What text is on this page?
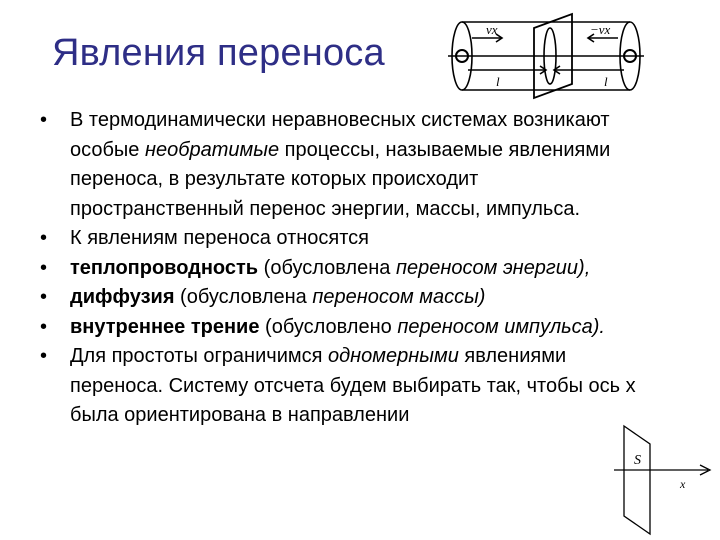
Явления переноса
vx	−vx
l	l
S
x
• В термодинамически неравновесных системах возникают особые необратимые процессы, называемые явлениями переноса, в результате которых происходит пространственный перенос энергии, массы, импульса.
• К явлениям переноса относятся
• теплопроводность (обусловлена переносом энергии),
• диффузия (обусловлена переносом массы)
• внутреннее трение (обусловлено переносом импульса).
• Для простоты ограничимся одномерными явлениями переноса. Систему отсчета будем выбирать так, чтобы ось x была ориентирована в направлении
